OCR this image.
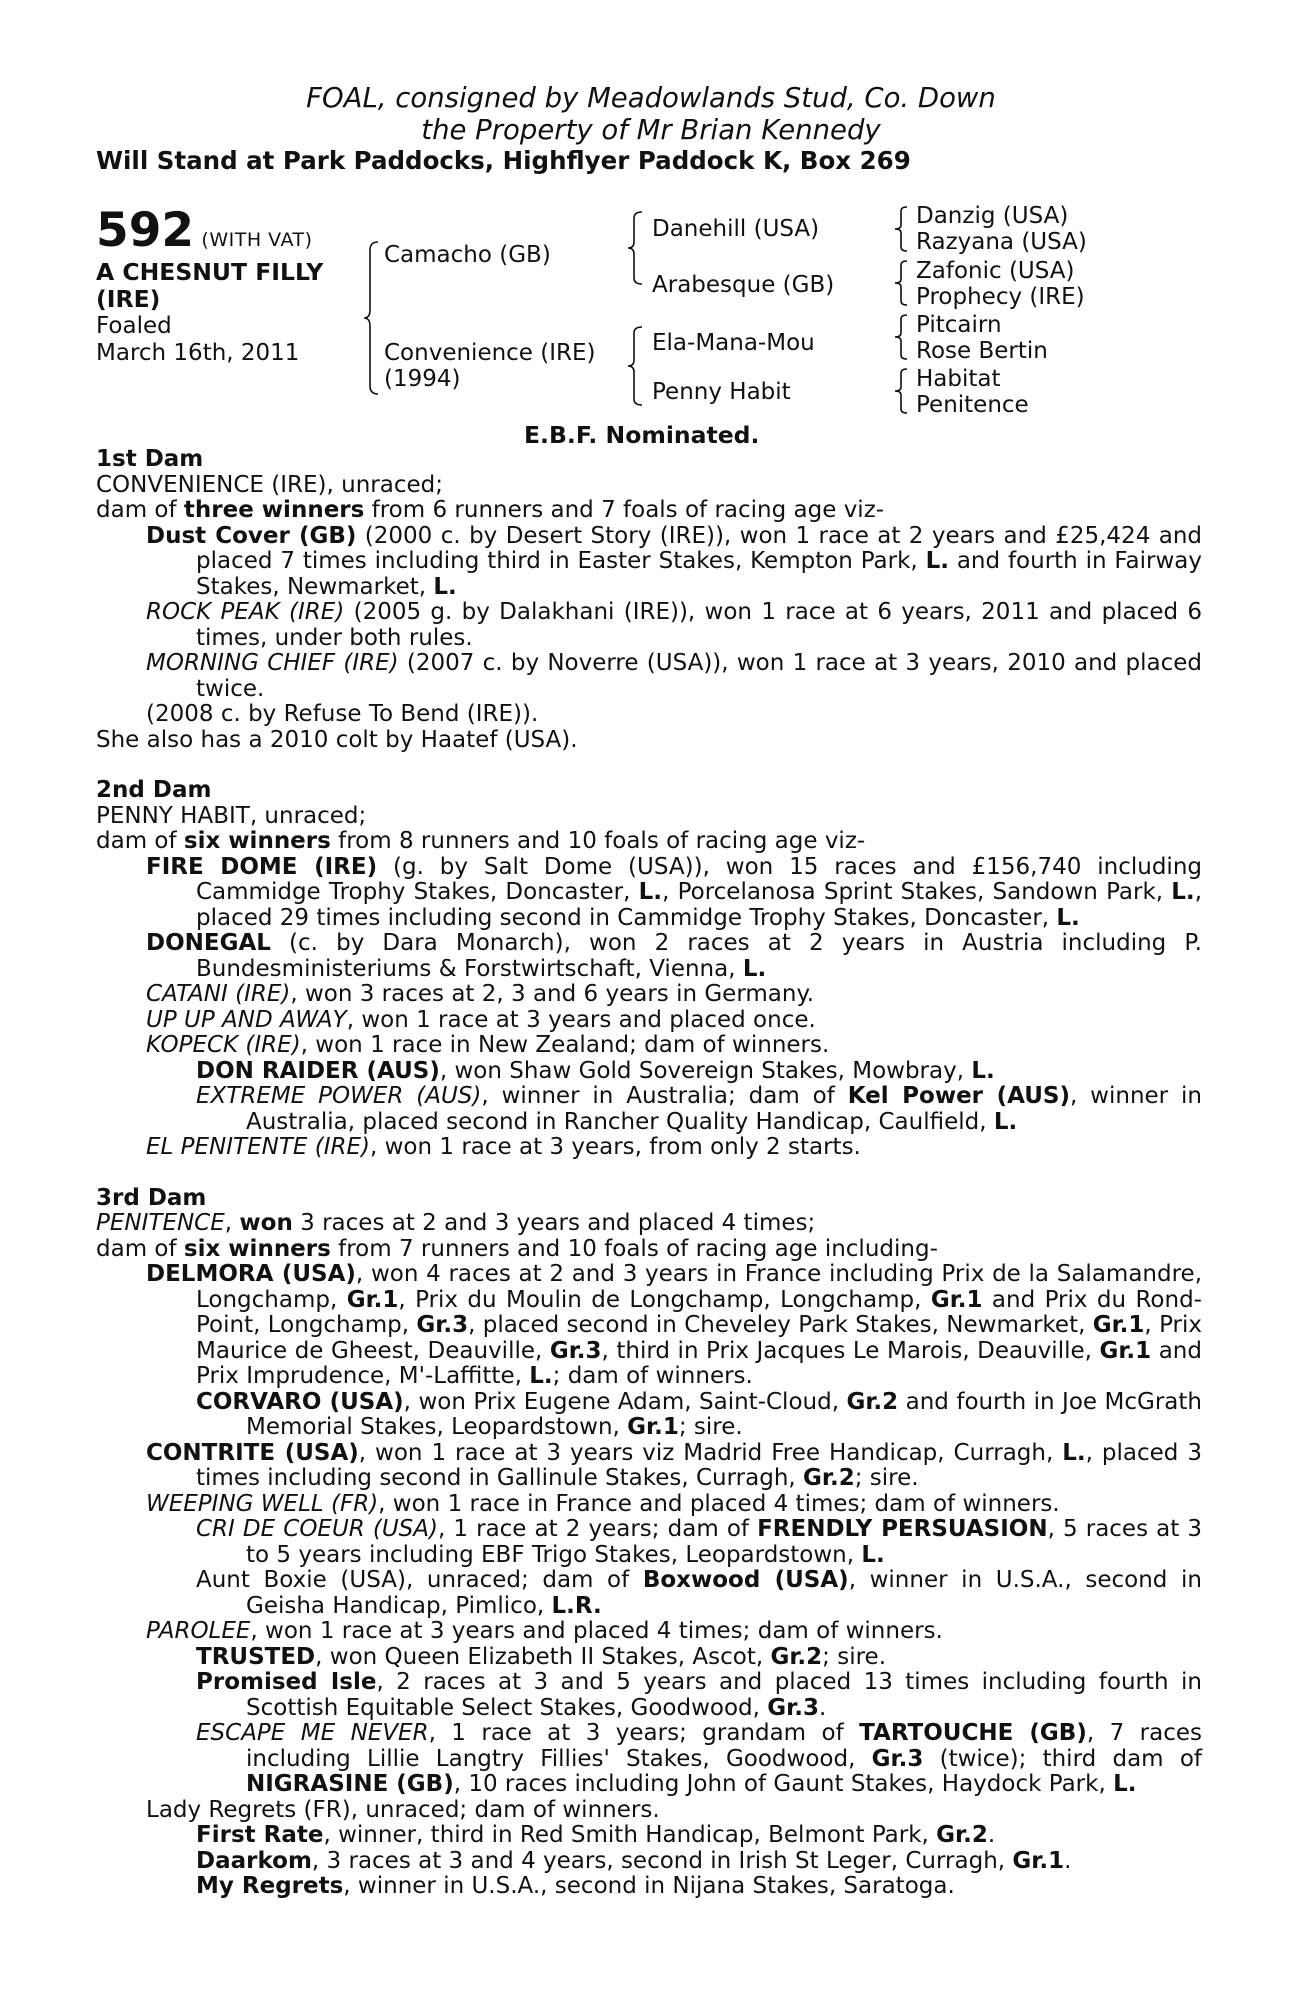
FOAL, consigned by Meadowlands Stud, Co. Down
the Property of Mr Brian Kennedy
Will Stand at Park Paddocks, Highflyer Paddock K, Box 269
592 (WITH VAT)
A CHESNUT FILLY
(IRE)
Foaled
March 16th, 2011
Camacho (GB)
Convenience (IRE)
(1994)
Danehill (USA)
Arabesque (GB)
Ela-Mana-Mou
Penny Habit
Danzig (USA)
Razyana (USA)
Zafonic (USA)
Prophecy (IRE)
Pitcairn
Rose Bertin
Habitat
Penitence
E.B.F. Nominated.
1st Dam
CONVENIENCE (IRE), unraced;
dam of three winners from 6 runners and 7 foals of racing age viz-
Dust Cover (GB) (2000 c. by Desert Story (IRE)), won 1 race at 2 years and £25,424 and placed 7 times including third in Easter Stakes, Kempton Park, L. and fourth in Fairway Stakes, Newmarket, L.
ROCK PEAK (IRE) (2005 g. by Dalakhani (IRE)), won 1 race at 6 years, 2011 and placed 6 times, under both rules.
MORNING CHIEF (IRE) (2007 c. by Noverre (USA)), won 1 race at 3 years, 2010 and placed twice.
(2008 c. by Refuse To Bend (IRE)).
She also has a 2010 colt by Haatef (USA).
2nd Dam
PENNY HABIT, unraced;
dam of six winners from 8 runners and 10 foals of racing age viz-
FIRE DOME (IRE) (g. by Salt Dome (USA)), won 15 races and £156,740 including Cammidge Trophy Stakes, Doncaster, L., Porcelanosa Sprint Stakes, Sandown Park, L., placed 29 times including second in Cammidge Trophy Stakes, Doncaster, L.
DONEGAL (c. by Dara Monarch), won 2 races at 2 years in Austria including P. Bundesministeriums & Forstwirtschaft, Vienna, L.
CATANI (IRE), won 3 races at 2, 3 and 6 years in Germany.
UP UP AND AWAY, won 1 race at 3 years and placed once.
KOPECK (IRE), won 1 race in New Zealand; dam of winners.
DON RAIDER (AUS), won Shaw Gold Sovereign Stakes, Mowbray, L.
EXTREME POWER (AUS), winner in Australia; dam of Kel Power (AUS), winner in Australia, placed second in Rancher Quality Handicap, Caulfield, L.
EL PENITENTE (IRE), won 1 race at 3 years, from only 2 starts.
3rd Dam
PENITENCE, won 3 races at 2 and 3 years and placed 4 times;
dam of six winners from 7 runners and 10 foals of racing age including-
DELMORA (USA), won 4 races at 2 and 3 years in France including Prix de la Salamandre, Longchamp, Gr.1, Prix du Moulin de Longchamp, Longchamp, Gr.1 and Prix du Rond-Point, Longchamp, Gr.3, placed second in Cheveley Park Stakes, Newmarket, Gr.1, Prix Maurice de Gheest, Deauville, Gr.3, third in Prix Jacques Le Marois, Deauville, Gr.1 and Prix Imprudence, M'-Laffitte, L.; dam of winners.
CORVARO (USA), won Prix Eugene Adam, Saint-Cloud, Gr.2 and fourth in Joe McGrath Memorial Stakes, Leopardstown, Gr.1; sire.
CONTRITE (USA), won 1 race at 3 years viz Madrid Free Handicap, Curragh, L., placed 3 times including second in Gallinule Stakes, Curragh, Gr.2; sire.
WEEPING WELL (FR), won 1 race in France and placed 4 times; dam of winners.
CRI DE COEUR (USA), 1 race at 2 years; dam of FRENDLY PERSUASION, 5 races at 3 to 5 years including EBF Trigo Stakes, Leopardstown, L.
Aunt Boxie (USA), unraced; dam of Boxwood (USA), winner in U.S.A., second in Geisha Handicap, Pimlico, L.R.
PAROLEE, won 1 race at 3 years and placed 4 times; dam of winners.
TRUSTED, won Queen Elizabeth II Stakes, Ascot, Gr.2; sire.
Promised Isle, 2 races at 3 and 5 years and placed 13 times including fourth in Scottish Equitable Select Stakes, Goodwood, Gr.3.
ESCAPE ME NEVER, 1 race at 3 years; grandam of TARTOUCHE (GB), 7 races including Lillie Langtry Fillies' Stakes, Goodwood, Gr.3 (twice); third dam of NIGRASINE (GB), 10 races including John of Gaunt Stakes, Haydock Park, L.
Lady Regrets (FR), unraced; dam of winners.
First Rate, winner, third in Red Smith Handicap, Belmont Park, Gr.2.
Daarkom, 3 races at 3 and 4 years, second in Irish St Leger, Curragh, Gr.1.
My Regrets, winner in U.S.A., second in Nijana Stakes, Saratoga.
